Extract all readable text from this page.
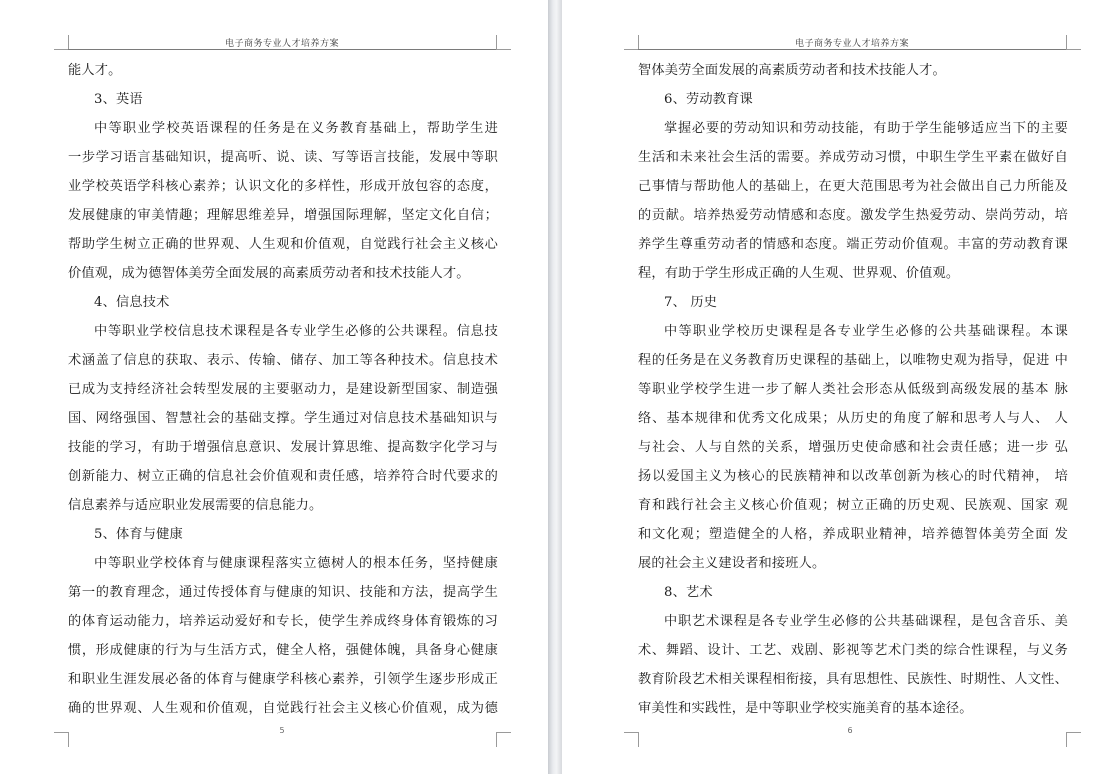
电子商务专业人才培养方案
能人才。
3、英语
中等职业学校英语课程的任务是在义务教育基础上，帮助学生进
一步学习语言基础知识，提高听、说、读、写等语言技能，发展中等职
业学校英语学科核心素养；认识文化的多样性，形成开放包容的态度，
发展健康的审美情趣；理解思维差异，增强国际理解，坚定文化自信；
帮助学生树立正确的世界观、人生观和价值观，自觉践行社会主义核心
价值观，成为德智体美劳全面发展的高素质劳动者和技术技能人才。
4、信息技术
中等职业学校信息技术课程是各专业学生必修的公共课程。信息技
术涵盖了信息的获取、表示、传输、储存、加工等各种技术。信息技术
已成为支持经济社会转型发展的主要驱动力，是建设新型国家、制造强
国、网络强国、智慧社会的基础支撑。学生通过对信息技术基础知识与
技能的学习，有助于增强信息意识、发展计算思维、提高数字化学习与
创新能力、树立正确的信息社会价值观和责任感，培养符合时代要求的
信息素养与适应职业发展需要的信息能力。
5、体育与健康
中等职业学校体育与健康课程落实立德树人的根本任务，坚持健康
第一的教育理念，通过传授体育与健康的知识、技能和方法，提高学生
的体育运动能力，培养运动爱好和专长，使学生养成终身体育锻炼的习
惯，形成健康的行为与生活方式，健全人格，强健体魄，具备身心健康
和职业生涯发展必备的体育与健康学科核心素养，引领学生逐步形成正
确的世界观、人生观和价值观，自觉践行社会主义核心价值观，成为德
5
电子商务专业人才培养方案
智体美劳全面发展的高素质劳动者和技术技能人才。
6、劳动教育课
掌握必要的劳动知识和劳动技能，有助于学生能够适应当下的主要
生活和未来社会生活的需要。养成劳动习惯，中职生学生平素在做好自
己事情与帮助他人的基础上，在更大范围思考为社会做出自己力所能及
的贡献。培养热爱劳动情感和态度。激发学生热爱劳动、崇尚劳动，培
养学生尊重劳动者的情感和态度。端正劳动价值观。丰富的劳动教育课
程，有助于学生形成正确的人生观、世界观、价值观。
7、 历史
中等职业学校历史课程是各专业学生必修的公共基础课程。本课
程的任务是在义务教育历史课程的基础上，以唯物史观为指导，促进 中
等职业学校学生进一步了解人类社会形态从低级到高级发展的基本 脉
络、基本规律和优秀文化成果；从历史的角度了解和思考人与人、 人
与社会、人与自然的关系，增强历史使命感和社会责任感；进一步 弘
扬以爱国主义为核心的民族精神和以改革创新为核心的时代精神， 培
育和践行社会主义核心价值观；树立正确的历史观、民族观、国家 观
和文化观；塑造健全的人格，养成职业精神，培养德智体美劳全面 发
展的社会主义建设者和接班人。
8、艺术
中职艺术课程是各专业学生必修的公共基础课程，是包含音乐、美
术、舞蹈、设计、工艺、戏剧、影视等艺术门类的综合性课程，与义务
教育阶段艺术相关课程相衔接，具有思想性、民族性、时期性、人文性、
审美性和实践性，是中等职业学校实施美育的基本途径。
6
